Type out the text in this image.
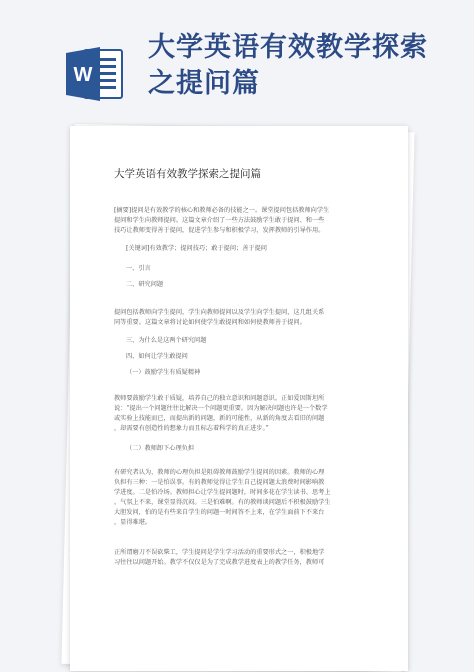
W
大学英语有效教学探索
之提问篇
大学英语有效教学探索之提问篇
[摘要]提问是有效教学的核心和教师必备的技能之一。课堂提问包括教师向学生
提问和学生向教师提问。这篇文章介绍了一些方法鼓励学生敢于提问、和一些
技巧让教师变得善于提问，促进学生参与和积极学习，发挥教师的引导作用。
[关键词]有效教学；提问技巧；敢于提问；善于提问
一、引言
二、研究问题
提问包括教师向学生提问，学生向教师提问以及学生向学生提问，这几组关系
同等重要。这篇文章将讨论如何使学生敢提问和如何使教师善于提问。
三、为什么是这两个研究问题
四、如何让学生敢提问
（一）鼓励学生有质疑精神
教师要鼓励学生敢于质疑，培养自己的独立意识和问题意识。正如爱因斯坦所
说：“提出一个问题往往比解决一个问题更重要。因为解决问题也许是一个数学
或实验上技能而已，而提出新的问题，新的可能性，从新的角度去看旧的问题
，却需要有创造性的想象力而且标志着科学的真正进步。”
（二）教师卸下心理负担
有研究者认为，教师的心理负担是阻碍教师鼓励学生提问的因素。教师的心理
负担有三种：一是怕误事。有的教师觉得让学生自己提问题太浪费时间影响教
学进度。二是怕冷场。教师担心让学生提问题时，时间多花在学生读书、思考上
，气氛上不来，课堂显得沉闷。三是怕难啊。有的教师谈问题后不积极鼓励学生
大胆发问，怕的是有些来自学生的问题一时间答不上来，在学生面前下不来台
，显得难堪。
正所谓磨刀不误砍柴工，学生提问是学生学习活动的重要形式之一，积极地学
习往往以问题开始。教学不仅仅是为了完成教学进度表上的教学任务，教师可
